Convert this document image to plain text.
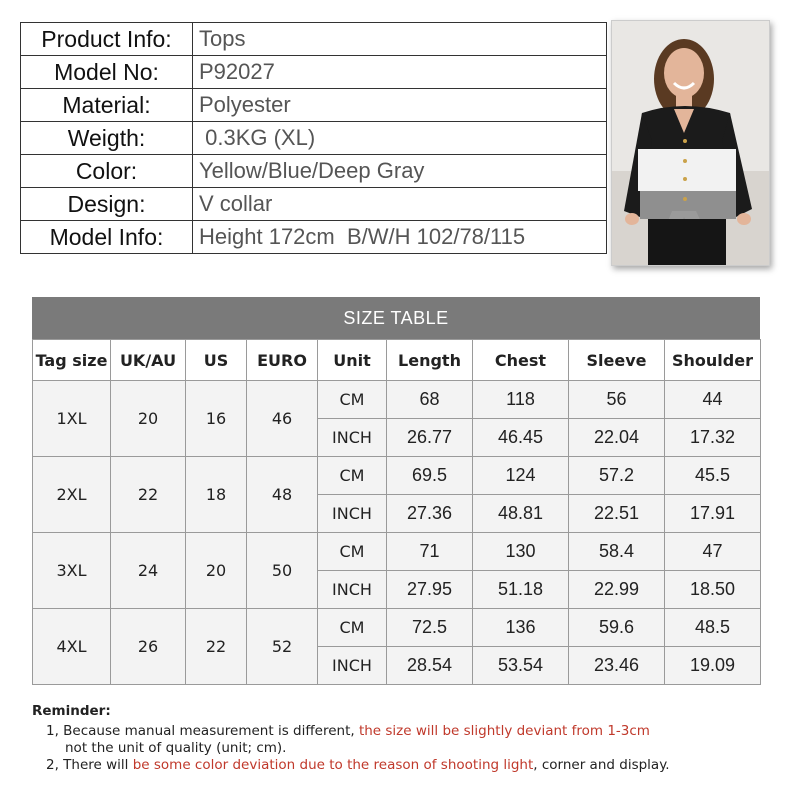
Product Info:	Tops
Model No:	P92027
Material:	Polyester
Weigth:	0.3KG (XL)
Color:	Yellow/Blue/Deep Gray
Design:	V collar
Model Info:	Height 172cm  B/W/H 102/78/115
SIZE TABLE
Tag size	UK/AU	US	EURO	Unit	Length	Chest	Sleeve	Shoulder
1XL	20	16	46	CM	68	118	56	44
				INCH	26.77	46.45	22.04	17.32
2XL	22	18	48	CM	69.5	124	57.2	45.5
				INCH	27.36	48.81	22.51	17.91
3XL	24	20	50	CM	71	130	58.4	47
				INCH	27.95	51.18	22.99	18.50
4XL	26	22	52	CM	72.5	136	59.6	48.5
				INCH	28.54	53.54	23.46	19.09
Reminder:
1, Because manual measurement is different, the size will be slightly deviant from 1-3cm
not the unit of quality (unit; cm).
2, There will be some color deviation due to the reason of shooting light, corner and display.
